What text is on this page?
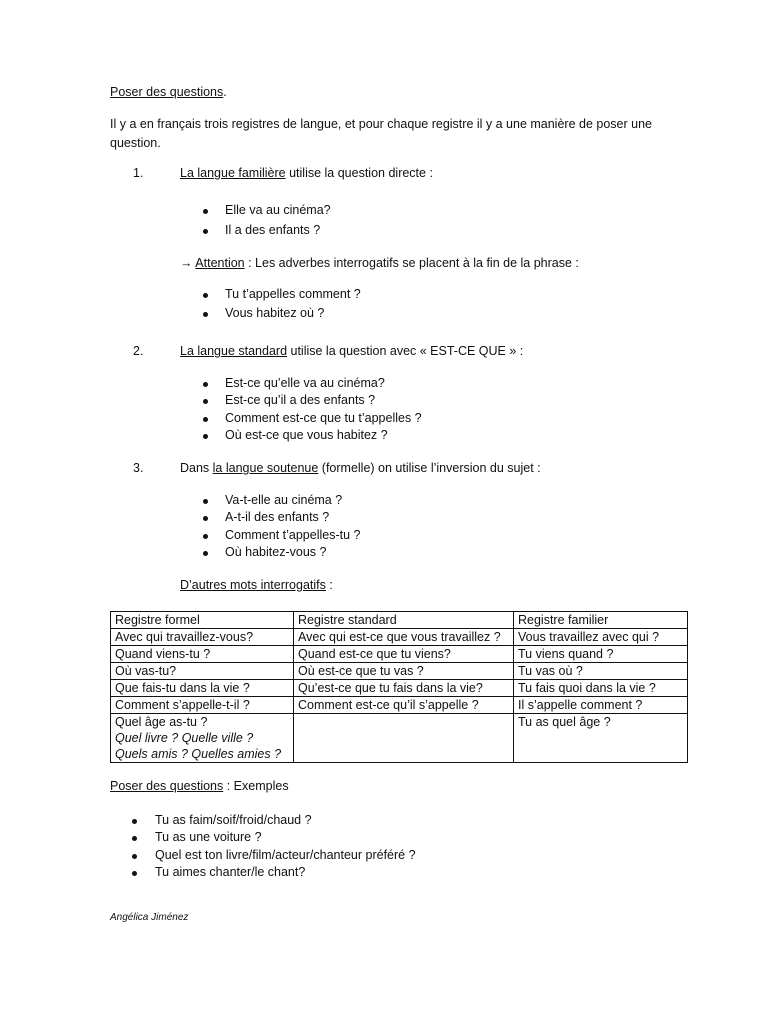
Poser des questions.
Il y a en français trois registres de langue, et pour chaque registre il y a une manière de poser une
question.
1.	La langue familière utilise la question directe :
Elle va au cinéma?
Il a des enfants ?
→ Attention : Les adverbes interrogatifs se placent à la fin de la phrase :
Tu t’appelles comment ?
Vous habitez où ?
2.	La langue standard utilise la question avec « EST-CE QUE » :
Est-ce qu’elle va au cinéma?
Est-ce qu’il a des enfants ?
Comment est-ce que tu t’appelles ?
Où est-ce que vous habitez ?
3.	Dans la langue soutenue (formelle) on utilise l’inversion du sujet :
Va-t-elle au cinéma ?
A-t-il des enfants ?
Comment t’appelles-tu ?
Où habitez-vous ?
D’autres mots interrogatifs :
Registre formel	Registre standard	Registre familier
Avec qui travaillez-vous?	Avec qui est-ce que vous travaillez ?	Vous travaillez avec qui ?
Quand viens-tu ?	Quand est-ce que tu viens?	Tu viens quand ?
Où vas-tu?	Où est-ce que tu vas ?	Tu vas où ?
Que fais-tu dans la vie ?	Qu’est-ce que tu fais dans la vie?	Tu fais quoi dans la vie ?
Comment s’appelle-t-il ?	Comment est-ce qu’il s’appelle ?	Il s’appelle comment ?

Quel âge as-tu ?
Quel livre ? Quelle ville ?
Quels amis ? Quelles amies ?		Tu as quel âge ?
Poser des questions : Exemples
Tu as faim/soif/froid/chaud ?
Tu as une voiture ?
Quel est ton livre/film/acteur/chanteur préféré ?
Tu aimes chanter/le chant?
Angélica Jiménez
